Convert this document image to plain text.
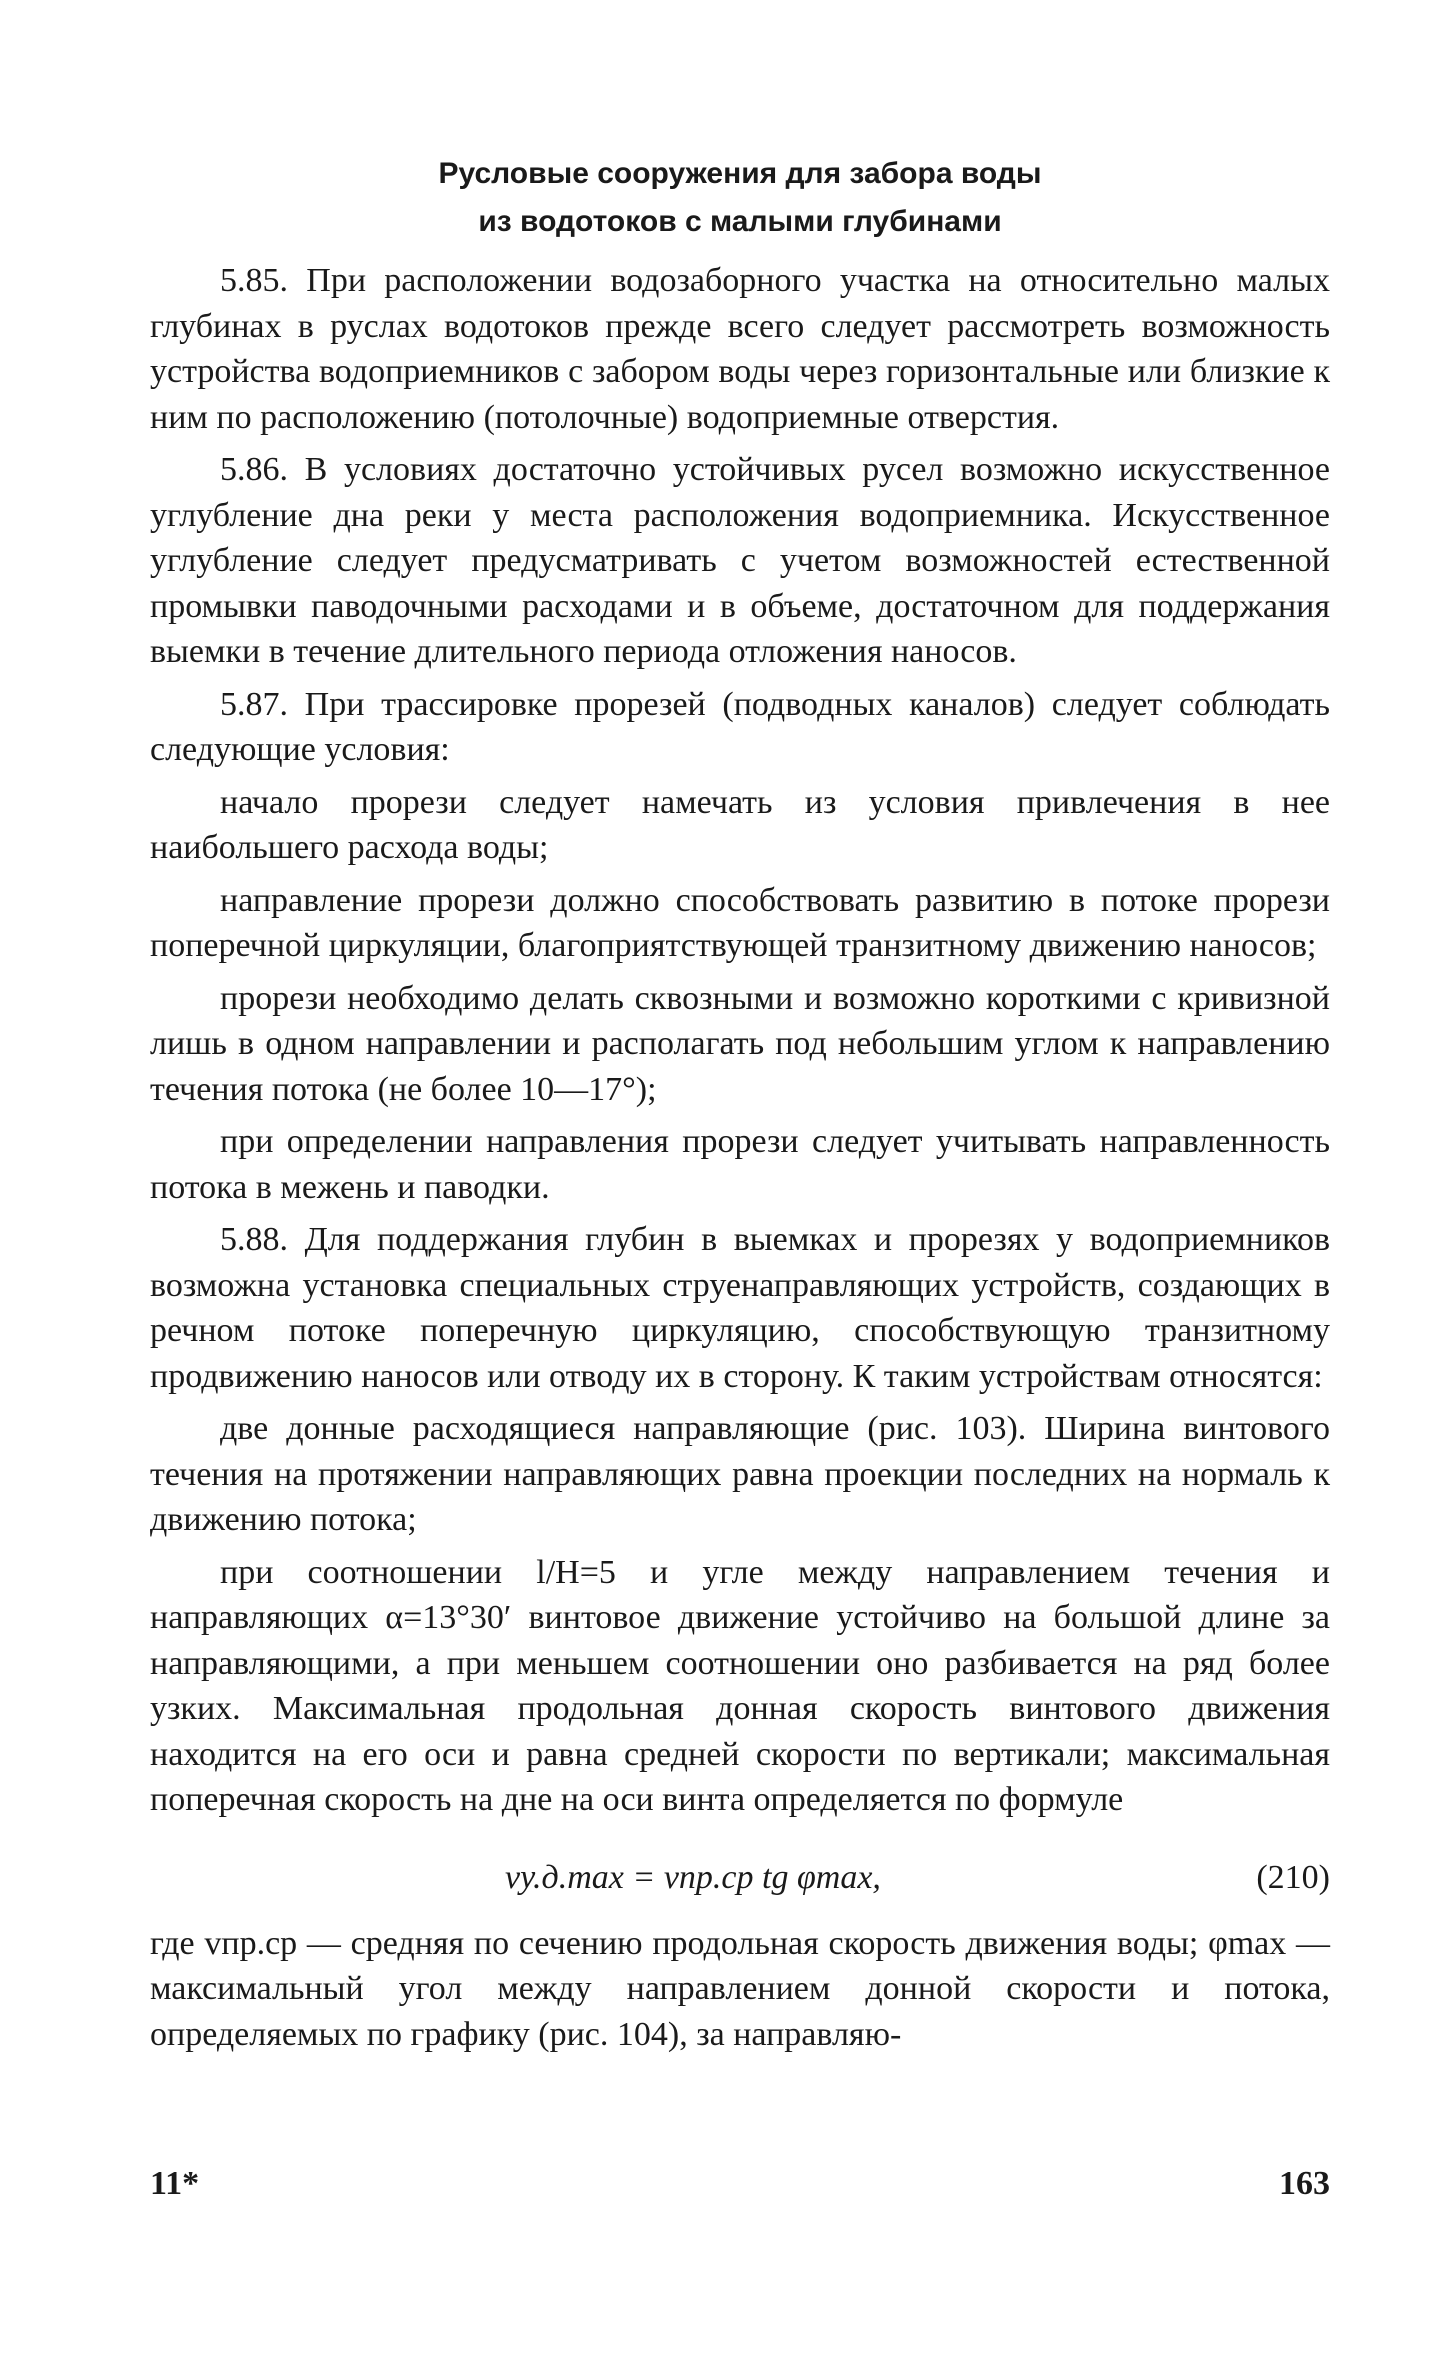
Русловые сооружения для забора воды
из водотоков с малыми глубинами

5.85. При расположении водозаборного участка на относительно малых глубинах в руслах водотоков прежде всего следует рассмотреть возможность устройства водоприемников с забором воды через горизонтальные или близкие к ним по расположению (потолочные) водоприемные отверстия.

5.86. В условиях достаточно устойчивых русел возможно искусственное углубление дна реки у места расположения водоприемника. Искусственное углубление следует предусматривать с учетом возможностей естественной промывки паводочными расходами и в объеме, достаточном для поддержания выемки в течение длительного периода отложения наносов.

5.87. При трассировке прорезей (подводных каналов) следует соблюдать следующие условия:

начало прорези следует намечать из условия привлечения в нее наибольшего расхода воды;

направление прорези должно способствовать развитию в потоке прорези поперечной циркуляции, благоприятствующей транзитному движению наносов;

прорези необходимо делать сквозными и возможно короткими с кривизной лишь в одном направлении и располагать под небольшим углом к направлению течения потока (не более 10—17°);

при определении направления прорези следует учитывать направленность потока в межень и паводки.

5.88. Для поддержания глубин в выемках и прорезях у водоприемников возможна установка специальных струенаправляющих устройств, создающих в речном потоке поперечную циркуляцию, способствующую транзитному продвижению наносов или отводу их в сторону. К таким устройствам относятся:

две донные расходящиеся направляющие (рис. 103). Ширина винтового течения на протяжении направляющих равна проекции последних на нормаль к движению потока;

при соотношении l/H=5 и угле между направлением течения и направляющих α=13°30′ винтовое движение устойчиво на большой длине за направляющими, а при меньшем соотношении оно разбивается на ряд более узких. Максимальная продольная донная скорость винтового движения находится на его оси и равна средней скорости по вертикали; максимальная поперечная скорость на дне на оси винта определяется по формуле

vу.д.max = vпр.ср tg φmax,	(210)

где vпр.ср — средняя по сечению продольная скорость движения воды; φmax — максимальный угол между направлением донной скорости и потока, определяемых по графику (рис. 104), за направляю-

11*	163
